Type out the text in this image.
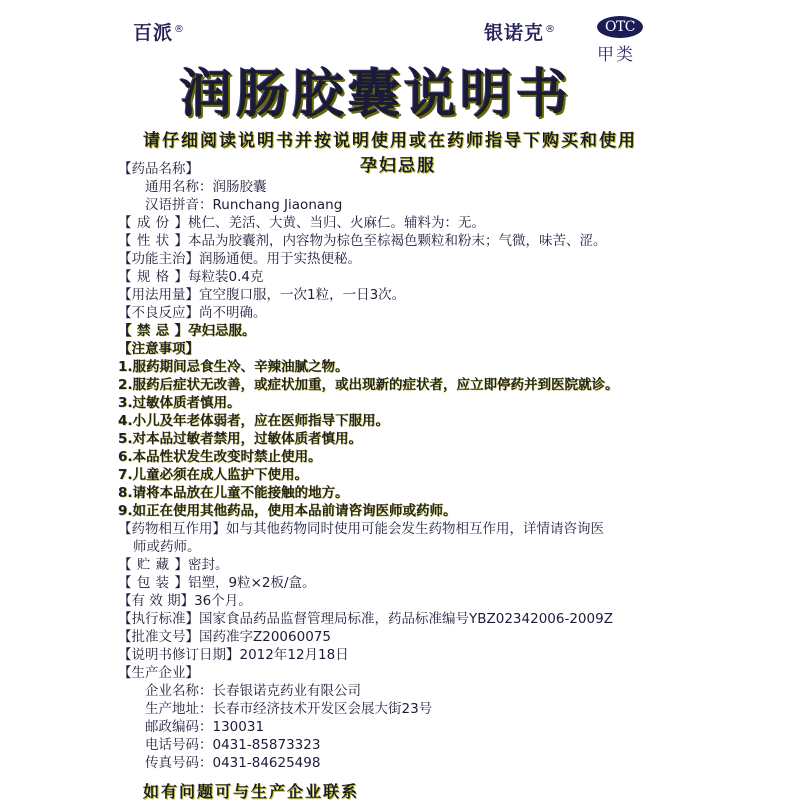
百派®	银诺克®	OTC
甲类
润肠胶囊说明书
请仔细阅读说明书并按说明使用或在药师指导下购买和使用
孕妇忌服
【药品名称】
通用名称：润肠胶囊
汉语拼音：Runchang Jiaonang
【成份】桃仁、羌活、大黄、当归、火麻仁。辅料为：无。
【性状】本品为胶囊剂，内容物为棕色至棕褐色颗粒和粉末；气微，味苦、涩。
【功能主治】润肠通便。用于实热便秘。
【规格】每粒装0.4克
【用法用量】宜空腹口服，一次1粒，一日3次。
【不良反应】尚不明确。
【禁忌】孕妇忌服。
【注意事项】
1.服药期间忌食生冷、辛辣油腻之物。
2.服药后症状无改善，或症状加重，或出现新的症状者，应立即停药并到医院就诊。
3.过敏体质者慎用。
4.小儿及年老体弱者，应在医师指导下服用。
5.对本品过敏者禁用，过敏体质者慎用。
6.本品性状发生改变时禁止使用。
7.儿童必须在成人监护下使用。
8.请将本品放在儿童不能接触的地方。
9.如正在使用其他药品，使用本品前请咨询医师或药师。
【药物相互作用】如与其他药物同时使用可能会发生药物相互作用，详情请咨询医
师或药师。
【贮藏】密封。
【包装】铝塑，9粒×2板/盒。
【有 效 期】36个月。
【执行标准】国家食品药品监督管理局标准，药品标准编号YBZ02342006-2009Z
【批准文号】国药准字Z20060075
【说明书修订日期】2012年12月18日
【生产企业】
企业名称：长春银诺克药业有限公司
生产地址：长春市经济技术开发区会展大街23号
邮政编码：130031
电话号码：0431-85873323
传真号码：0431-84625498
如有问题可与生产企业联系
